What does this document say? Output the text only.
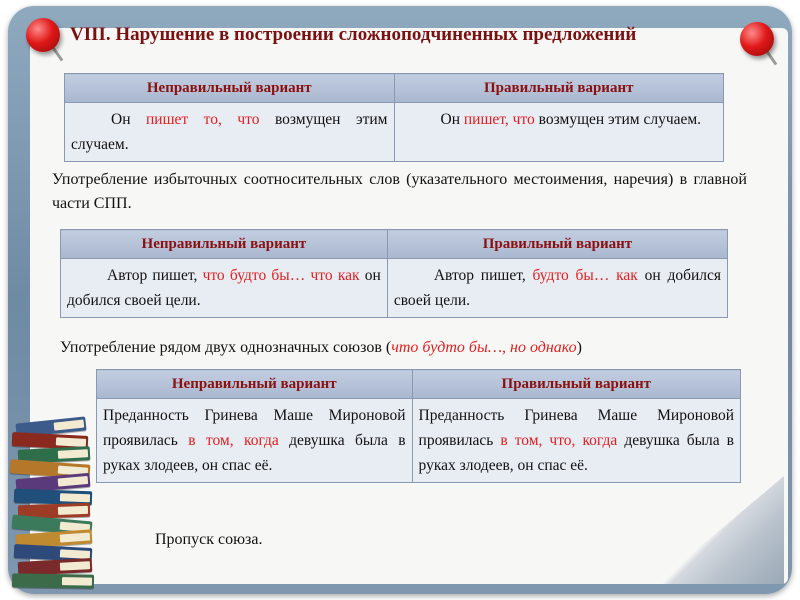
VIII. Нарушение в построении сложноподчиненных предложений
Неправильный вариант	Правильный вариант
Он пишет то, что возмущен этим случаем.	Он пишет, что возмущен этим случаем.

Употребление избыточных соотносительных слов (указательного местоимения, наречия) в главной части СПП.

Неправильный вариант	Правильный вариант
Автор пишет, что будто бы… что как он добился своей цели.	Автор пишет, будто бы… как он добился своей цели.

Употребление рядом двух однозначных союзов (что будто бы…, но однако)

Неправильный вариант	Правильный вариант
Преданность Гринева Маше Мироновой проявилась в том, когда девушка была в руках злодеев, он спас её.	Преданность Гринева Маше Мироновой проявилась в том, что, когда девушка была в руках злодеев, он спас её.

Пропуск союза.
